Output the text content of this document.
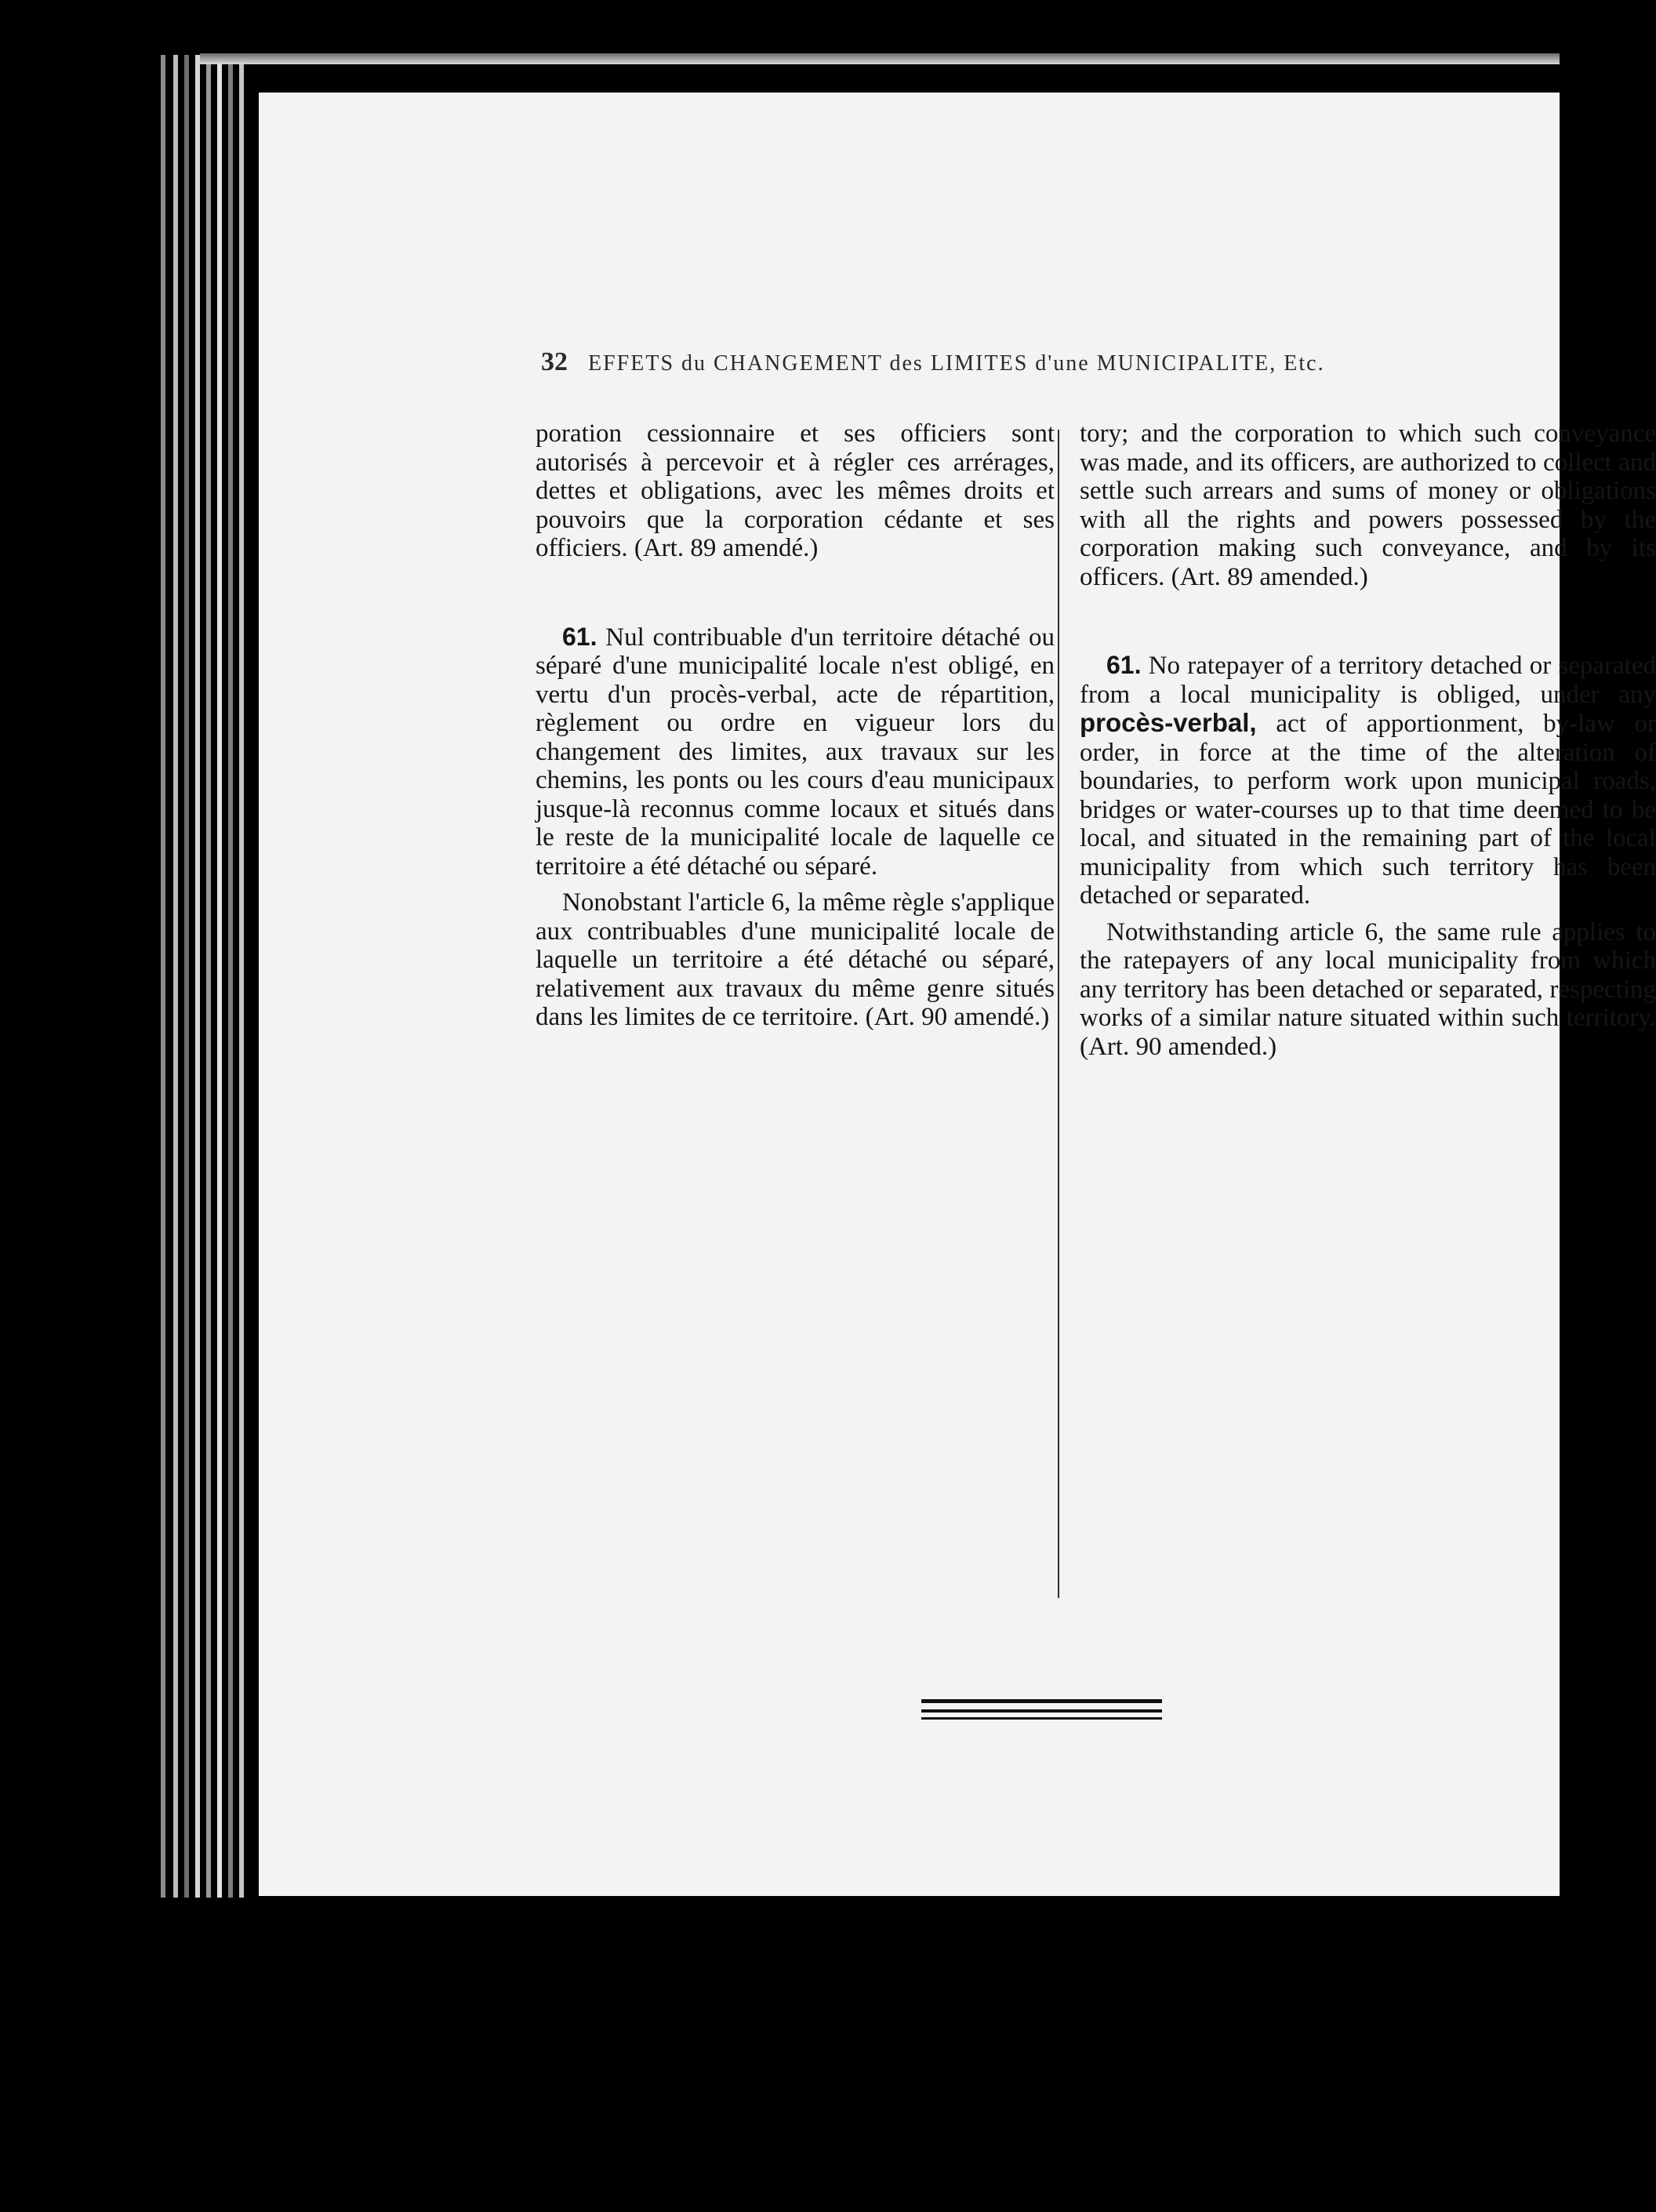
32 EFFETS du CHANGEMENT des LIMITES d'une MUNICIPALITE, Etc.

poration cessionnaire et ses officiers sont autorisés à percevoir et à régler ces arrérages, dettes et obligations, avec les mêmes droits et pouvoirs que la corporation cédante et ses officiers. (Art. 89 amendé.)

61. Nul contribuable d'un territoire détaché ou séparé d'une municipalité locale n'est obligé, en vertu d'un procès-verbal, acte de répartition, règlement ou ordre en vigueur lors du changement des limites, aux travaux sur les chemins, les ponts ou les cours d'eau municipaux jusque-là reconnus comme locaux et situés dans le reste de la municipalité locale de laquelle ce territoire a été détaché ou séparé.

Nonobstant l'article 6, la même règle s'applique aux contribuables d'une municipalité locale de laquelle un territoire a été détaché ou séparé, relativement aux travaux du même genre situés dans les limites de ce territoire. (Art. 90 amendé.)

tory; and the corporation to which such conveyance was made, and its officers, are authorized to collect and settle such arrears and sums of money or obligations with all the rights and powers possessed by the corporation making such conveyance, and by its officers. (Art. 89 amended.)

61. No ratepayer of a territory detached or separated from a local municipality is obliged, under any procès-verbal, act of apportionment, by-law or order, in force at the time of the alteration of boundaries, to perform work upon municipal roads, bridges or water-courses up to that time deemed to be local, and situated in the remaining part of the local municipality from which such territory has been detached or separated.

Notwithstanding article 6, the same rule applies to the ratepayers of any local municipality from which any territory has been detached or separated, respecting works of a similar nature situated within such territory. (Art. 90 amended.)
